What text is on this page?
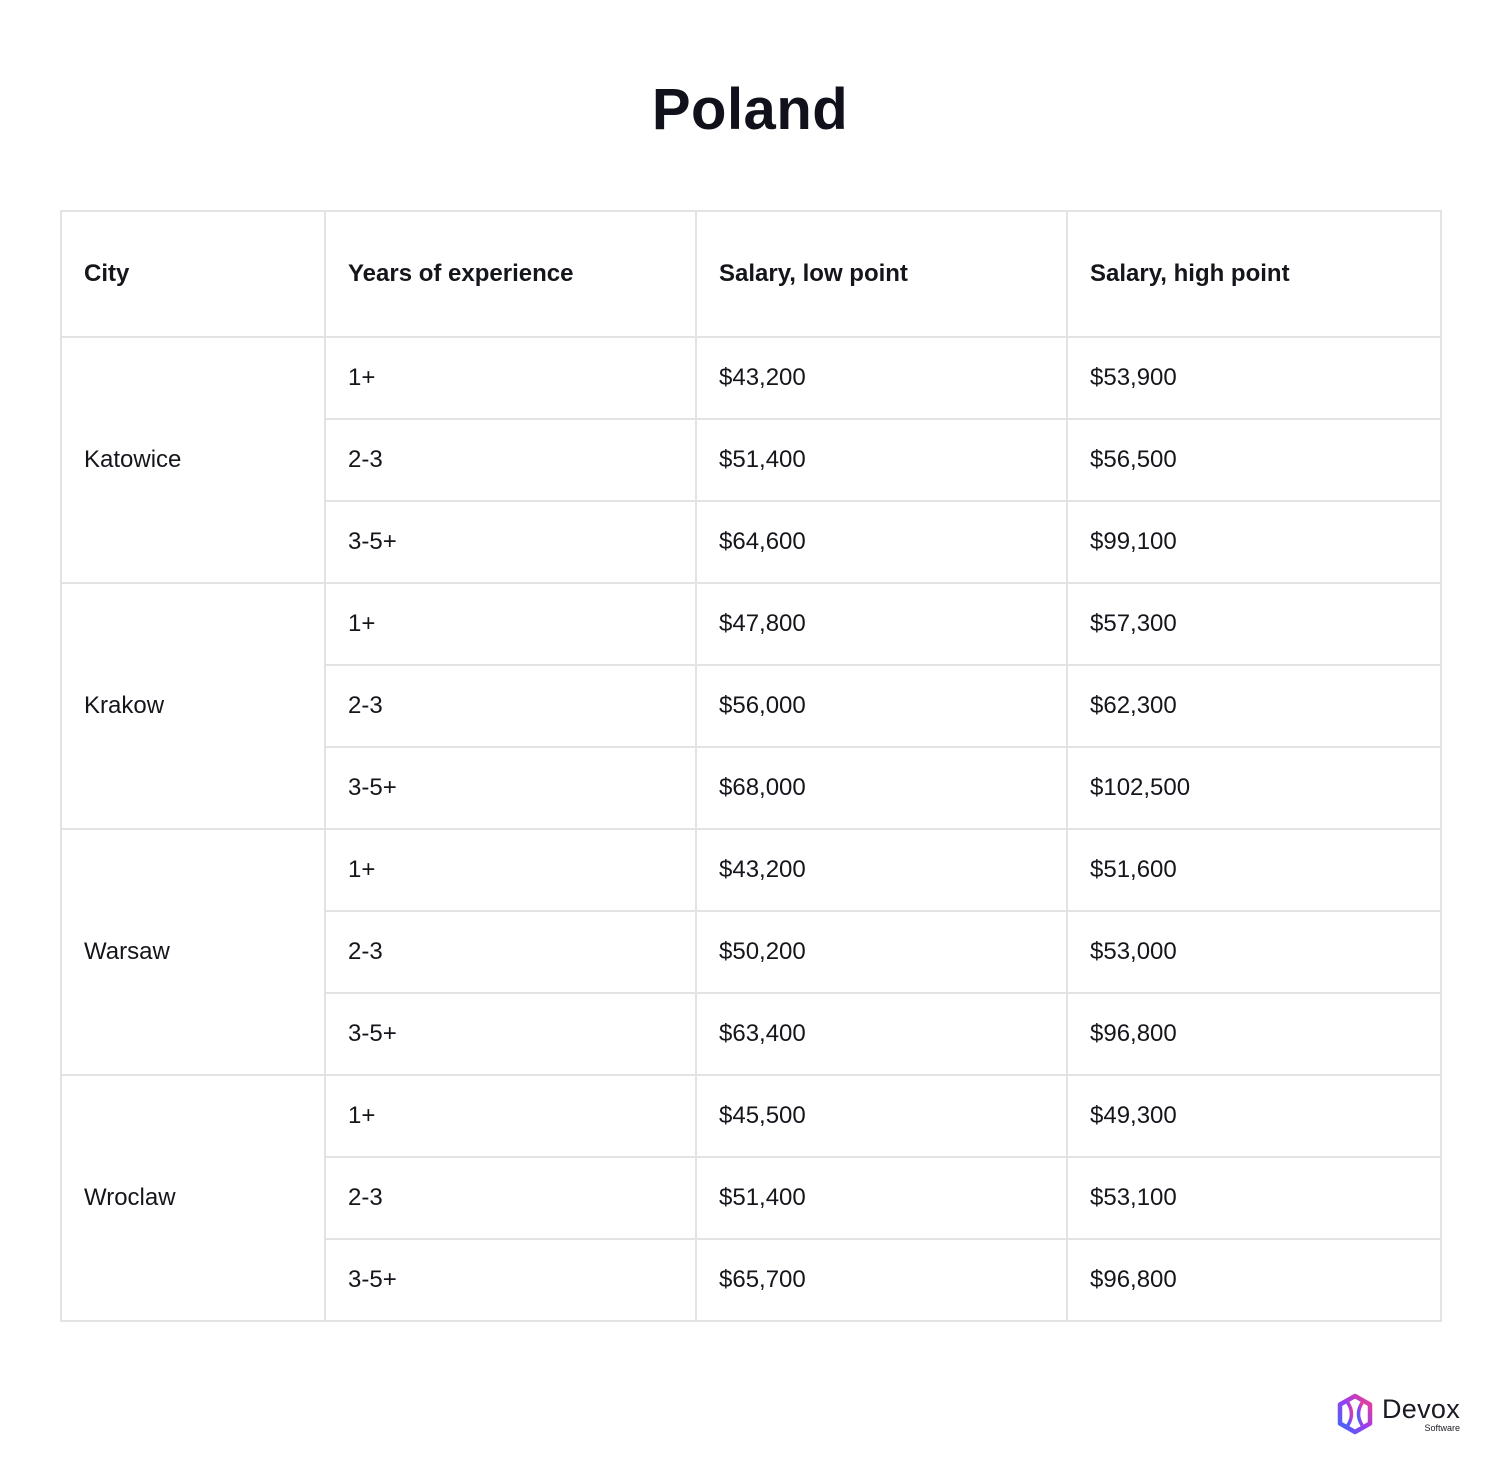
Poland
City	Years of experience	Salary, low point	Salary, high point
Katowice	1+	$43,200	$53,900
	2-3	$51,400	$56,500
	3-5+	$64,600	$99,100
Krakow	1+	$47,800	$57,300
	2-3	$56,000	$62,300
	3-5+	$68,000	$102,500
Warsaw	1+	$43,200	$51,600
	2-3	$50,200	$53,000
	3-5+	$63,400	$96,800
Wroclaw	1+	$45,500	$49,300
	2-3	$51,400	$53,100
	3-5+	$65,700	$96,800
Devox
Software
